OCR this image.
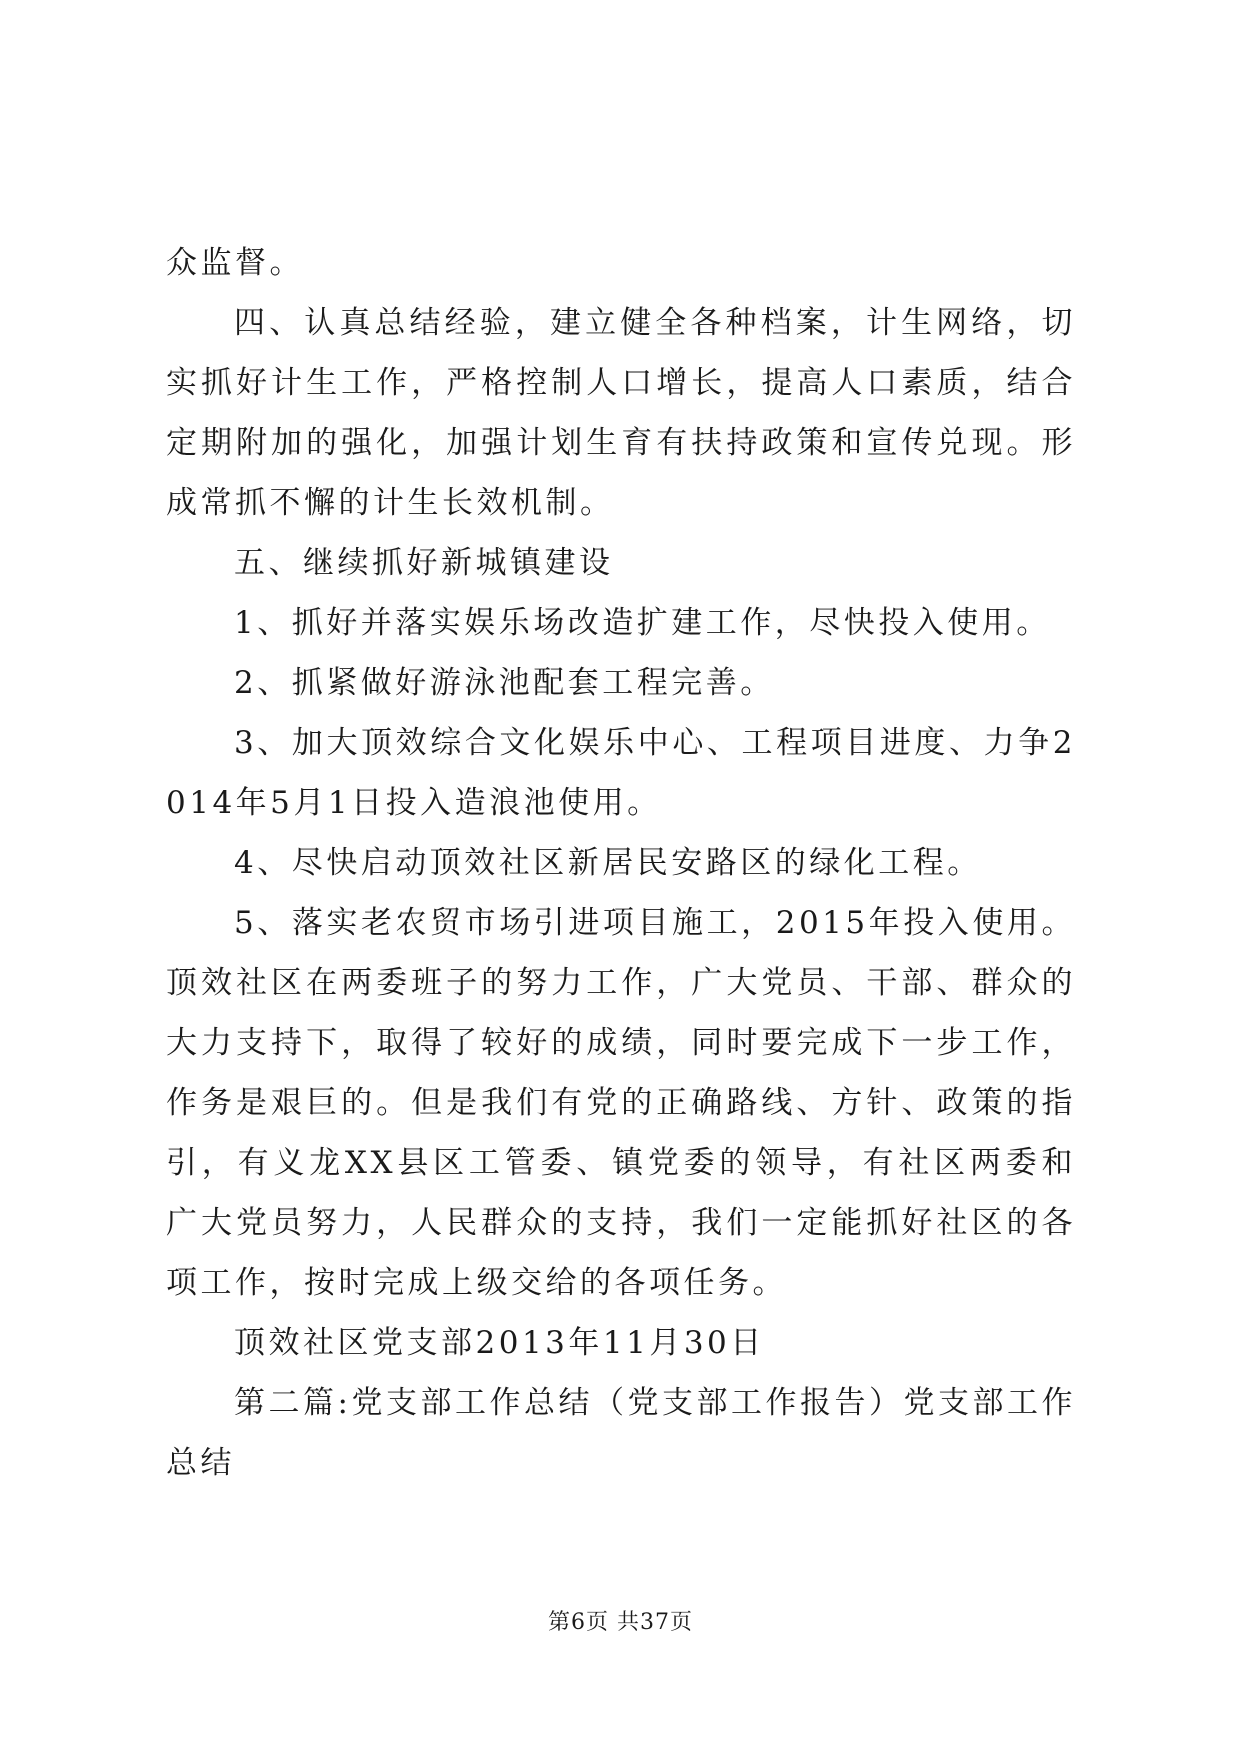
众监督。

四、认真总结经验，建立健全各种档案，计生网络，切实抓好计生工作，严格控制人口增长，提高人口素质，结合定期附加的强化，加强计划生育有扶持政策和宣传兑现。形成常抓不懈的计生长效机制。

五、继续抓好新城镇建设

1、抓好并落实娱乐场改造扩建工作，尽快投入使用。

2、抓紧做好游泳池配套工程完善。

3、加大顶效综合文化娱乐中心、工程项目进度、力争2014年5月1日投入造浪池使用。

4、尽快启动顶效社区新居民安路区的绿化工程。

5、落实老农贸市场引进项目施工，2015年投入使用。顶效社区在两委班子的努力工作，广大党员、干部、群众的大力支持下，取得了较好的成绩，同时要完成下一步工作，作务是艰巨的。但是我们有党的正确路线、方针、政策的指引，有义龙XX县区工管委、镇党委的领导，有社区两委和广大党员努力，人民群众的支持，我们一定能抓好社区的各项工作，按时完成上级交给的各项任务。

顶效社区党支部2013年11月30日

第二篇:党支部工作总结（党支部工作报告）党支部工作总结

第6页 共37页
